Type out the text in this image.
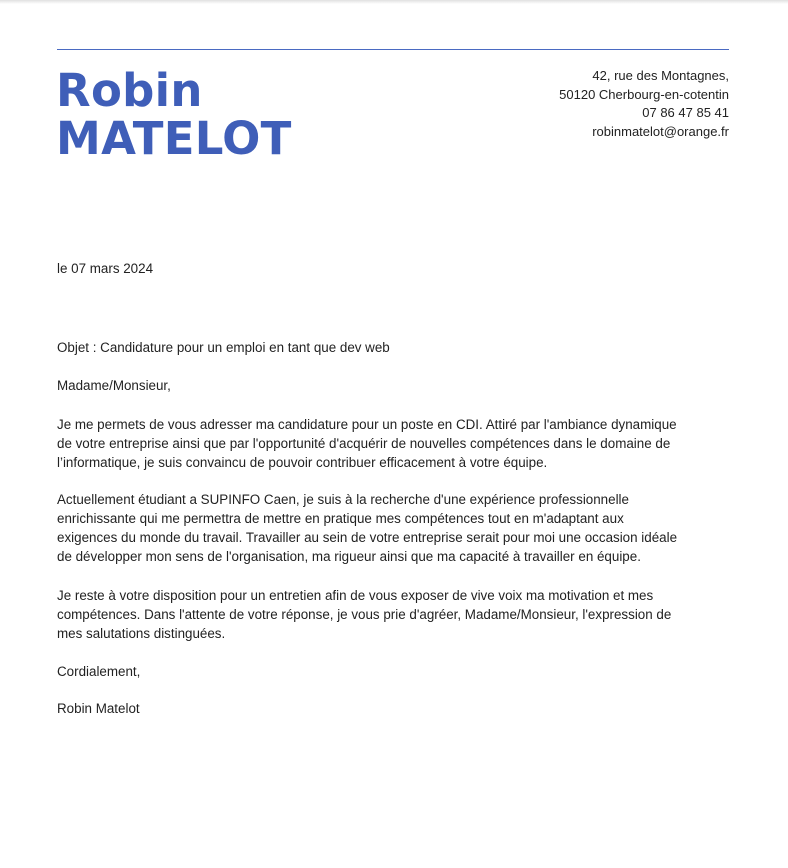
Robin
MATELOT
42, rue des Montagnes,
50120 Cherbourg-en-cotentin
07 86 47 85 41
robinmatelot@orange.fr
le 07 mars 2024
Objet : Candidature pour un emploi en tant que dev web
Madame/Monsieur,
Je me permets de vous adresser ma candidature pour un poste en CDI. Attiré par l'ambiance dynamique
de votre entreprise ainsi que par l'opportunité d'acquérir de nouvelles compétences dans le domaine de
l’informatique, je suis convaincu de pouvoir contribuer efficacement à votre équipe.
Actuellement étudiant a SUPINFO Caen, je suis à la recherche d'une expérience professionnelle
enrichissante qui me permettra de mettre en pratique mes compétences tout en m'adaptant aux
exigences du monde du travail. Travailler au sein de votre entreprise serait pour moi une occasion idéale
de développer mon sens de l'organisation, ma rigueur ainsi que ma capacité à travailler en équipe.
Je reste à votre disposition pour un entretien afin de vous exposer de vive voix ma motivation et mes
compétences. Dans l'attente de votre réponse, je vous prie d'agréer, Madame/Monsieur, l'expression de
mes salutations distinguées.
Cordialement,
Robin Matelot
